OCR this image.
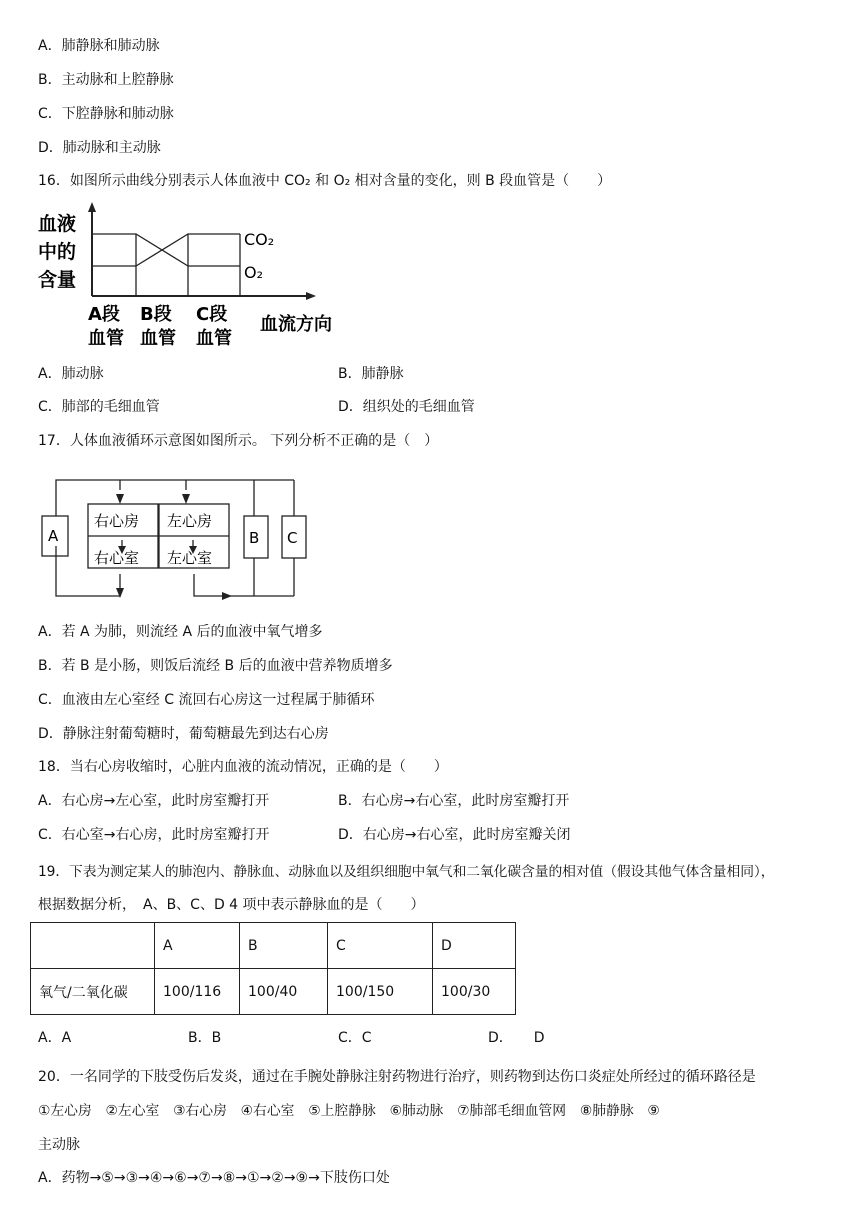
A．肺静脉和肺动脉
B．主动脉和上腔静脉
C．下腔静脉和肺动脉
D．肺动脉和主动脉
16．如图所示曲线分别表示人体血液中 CO₂ 和 O₂ 相对含量的变化，则 B 段血管是（　　）
血液
中的
含量
CO₂
O₂
A段
血管
B段
血管
C段
血管
血流方向
A．肺动脉	B．肺静脉
C．肺部的毛细血管	D．组织处的毛细血管
17．人体血液循环示意图如图所示。 下列分析不正确的是（　）
右心房 左心房
右心室 左心室
A	B C
A．若 A 为肺，则流经 A 后的血液中氧气增多
B．若 B 是小肠，则饭后流经 B 后的血液中营养物质增多
C．血液由左心室经 C 流回右心房这一过程属于肺循环
D．静脉注射葡萄糖时，葡萄糖最先到达右心房
18．当右心房收缩时，心脏内血液的流动情况，正确的是（　　）
A．右心房→左心室，此时房室瓣打开	B．右心房→右心室，此时房室瓣打开
C．右心室→右心房，此时房室瓣打开	D．右心房→右心室，此时房室瓣关闭
19．下表为测定某人的肺泡内、静脉血、动脉血以及组织细胞中氧气和二氧化碳含量的相对值（假设其他气体含量相同），
根据数据分析，　A、B、C、D 4 项中表示静脉血的是（　　）
	A	B	C	D
氧气/二氧化碳	100/116	100/40	100/150	100/30
A．A	B．B	C．C	D．　　D
20．一名同学的下肢受伤后发炎，通过在手腕处静脉注射药物进行治疗，则药物到达伤口炎症处所经过的循环路径是
①左心房　②左心室　③右心房　④右心室　⑤上腔静脉　⑥肺动脉　⑦肺部毛细血管网　⑧肺静脉　⑨
主动脉
A．药物→⑤→③→④→⑥→⑦→⑧→①→②→⑨→下肢伤口处
